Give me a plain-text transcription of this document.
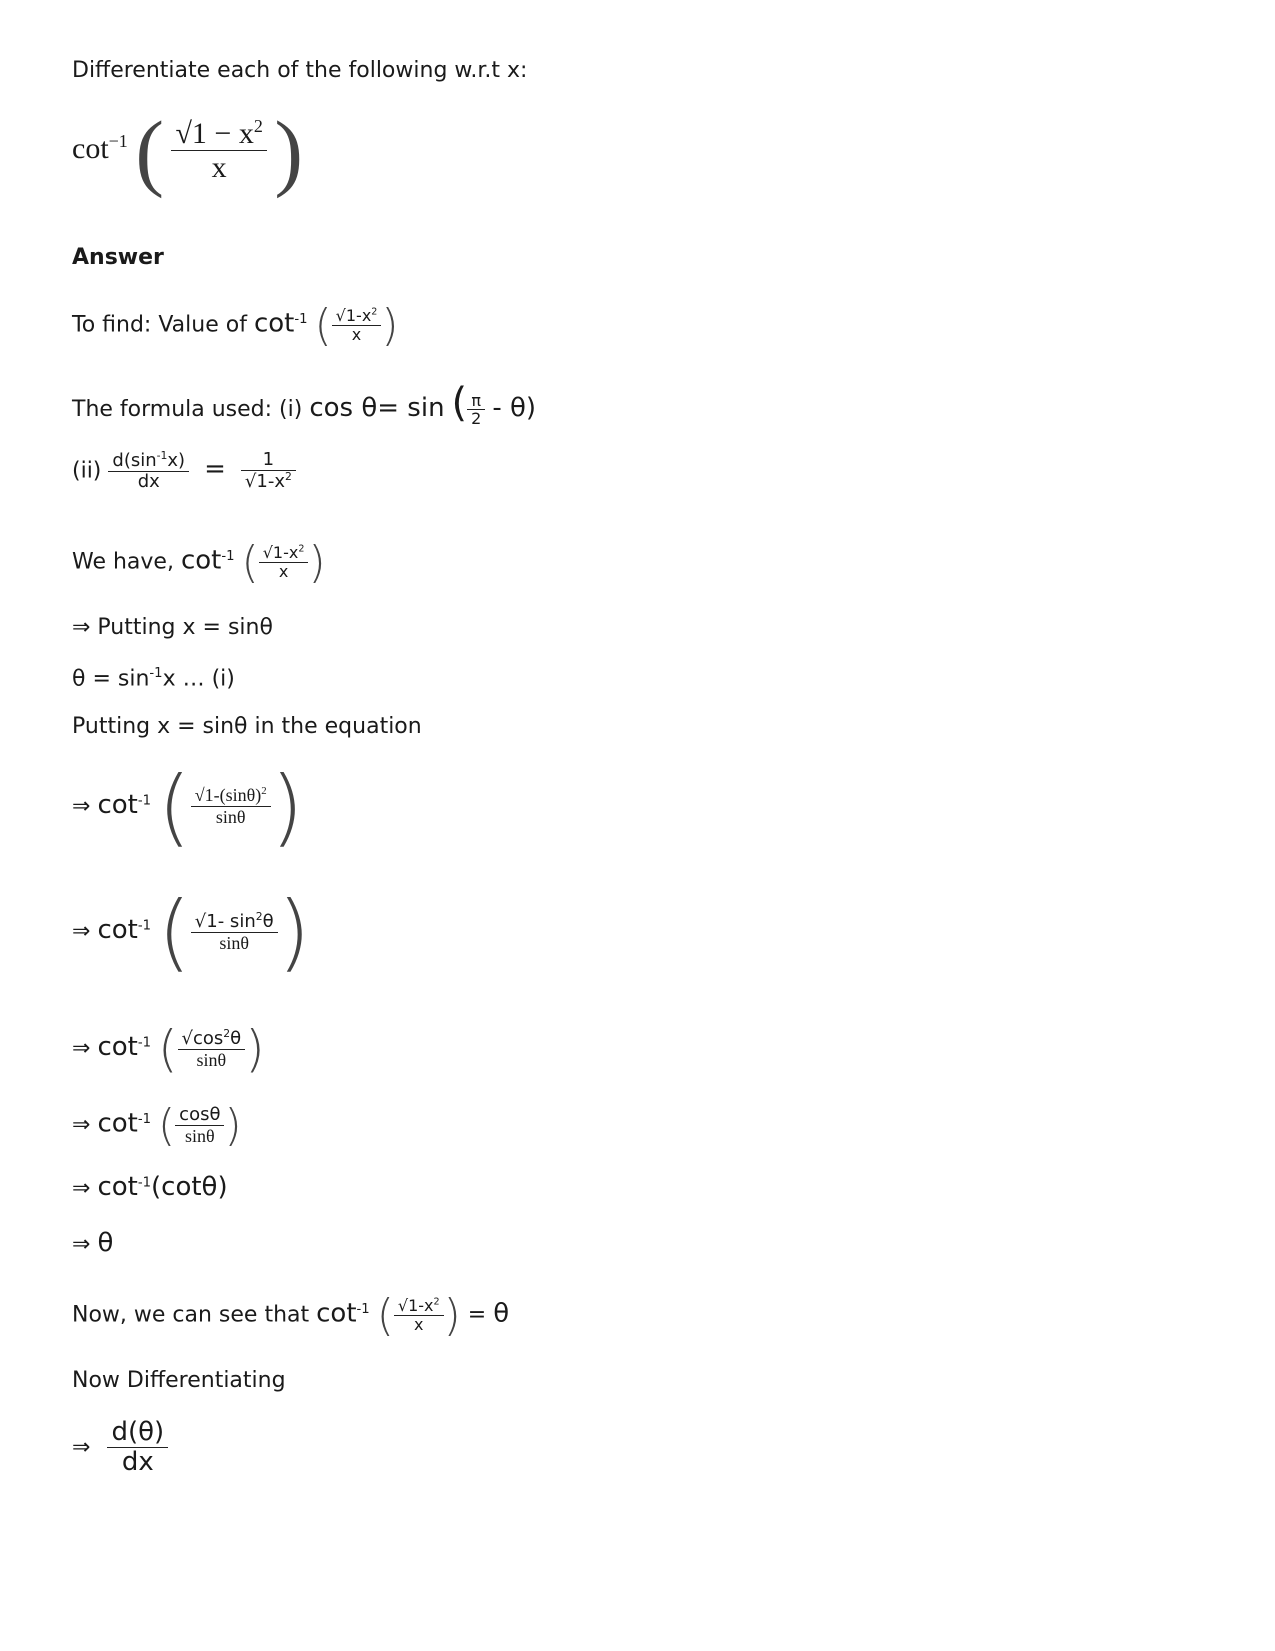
Differentiate each of the following w.r.t x:
$\cot^{-1}$ ( $\frac{√1 - x^2}{x}$ )
Answer
To find: Value of $\cot^{-1}$ ( $\frac{√1-x^2}{x}$ )
The formula used: (i) cos θ= sin ( $\frac{\pi}{2} - \theta$)
$(ii) \frac{d(\sin^{-1}x)}{dx} = \frac{1}{√1-x^2}$
We have, $\cot^{-1}$ ( $\frac{√1-x^2}{x}$ )
⇒ Putting x = sinθ
$\theta = \sin^{-1}x$ … (i)
Putting x = sinθ in the equation
⇒ $\cot^{-1}$ ( $\frac{√1-(\sin\theta)^2}{\sin\theta}$ )
⇒ $\cot^{-1}$ ( $\frac{√1- \sin^2\theta}{\sin\theta}$ )
⇒ $\cot^{-1}$ ( $\frac{√\cos^2\theta}{\sin\theta}$ )
⇒ $\cot^{-1}$ ( $\frac{\cos\theta}{\sin\theta}$ )
⇒ $\cot^{-1}(\cot\theta)$
⇒ θ
Now, we can see that $\cot^{-1}$ ( $\frac{√1-x^2}{x}$ ) = θ
Now Differentiating
⇒ $\frac{d(\theta)}{dx}$
